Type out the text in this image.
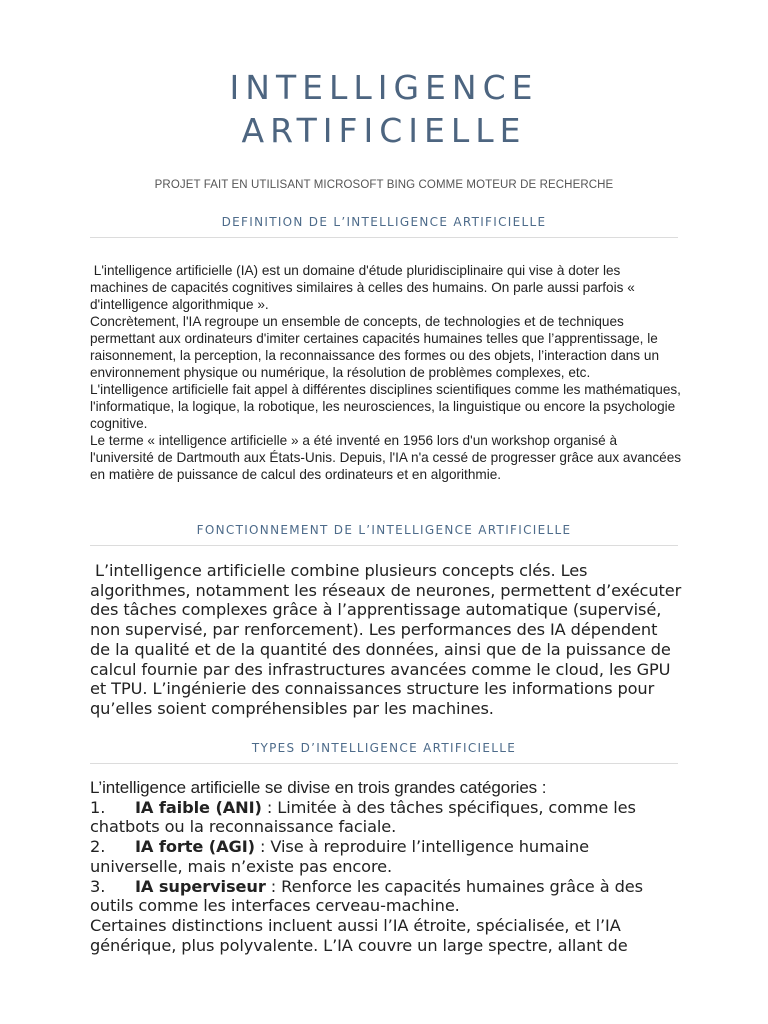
INTELLIGENCE
ARTIFICIELLE
PROJET FAIT EN UTILISANT MICROSOFT BING COMME MOTEUR DE RECHERCHE
DEFINITION DE L’INTELLIGENCE ARTIFICIELLE

L'intelligence artificielle (IA) est un domaine d'étude pluridisciplinaire qui vise à doter les machines de capacités cognitives similaires à celles des humains. On parle aussi parfois « d'intelligence algorithmique ».

Concrètement, l'IA regroupe un ensemble de concepts, de technologies et de techniques permettant aux ordinateurs d'imiter certaines capacités humaines telles que l’apprentissage, le raisonnement, la perception, la reconnaissance des formes ou des objets, l’interaction dans un environnement physique ou numérique, la résolution de problèmes complexes, etc.

L'intelligence artificielle fait appel à différentes disciplines scientifiques comme les mathématiques, l'informatique, la logique, la robotique, les neurosciences, la linguistique ou encore la psychologie cognitive.

Le terme « intelligence artificielle » a été inventé en 1956 lors d'un workshop organisé à l'université de Dartmouth aux États-Unis. Depuis, l'IA n'a cessé de progresser grâce aux avancées en matière de puissance de calcul des ordinateurs et en algorithmie.

FONCTIONNEMENT DE L’INTELLIGENCE ARTIFICIELLE

L’intelligence artificielle combine plusieurs concepts clés. Les algorithmes, notamment les réseaux de neurones, permettent d’exécuter des tâches complexes grâce à l’apprentissage automatique (supervisé, non supervisé, par renforcement). Les performances des IA dépendent de la qualité et de la quantité des données, ainsi que de la puissance de calcul fournie par des infrastructures avancées comme le cloud, les GPU et TPU. L’ingénierie des connaissances structure les informations pour qu’elles soient compréhensibles par les machines.

TYPES D’INTELLIGENCE ARTIFICIELLE

L’intelligence artificielle se divise en trois grandes catégories :

1. IA faible (ANI) : Limitée à des tâches spécifiques, comme les chatbots ou la reconnaissance faciale.

2. IA forte (AGI) : Vise à reproduire l’intelligence humaine universelle, mais n’existe pas encore.

3. IA superviseur : Renforce les capacités humaines grâce à des outils comme les interfaces cerveau-machine.

Certaines distinctions incluent aussi l’IA étroite, spécialisée, et l’IA générique, plus polyvalente. L’IA couvre un large spectre, allant de
